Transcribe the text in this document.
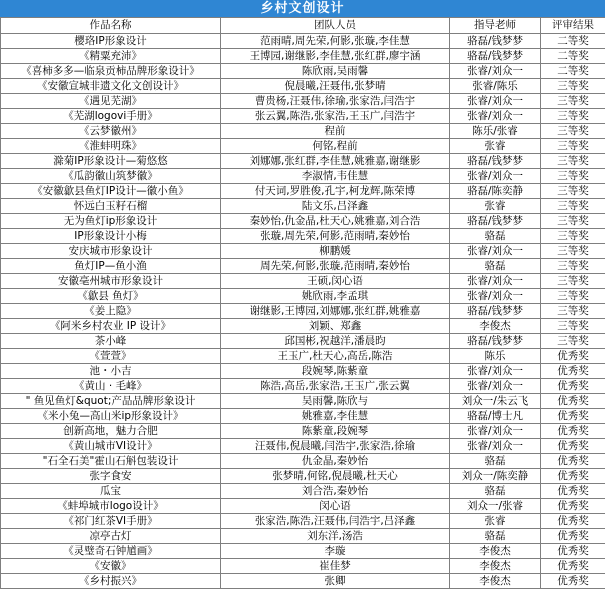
乡村文创设计
作品名称	团队人员	指导老师	评审结果
樱珞IP形象设计	范雨晴,周先荣,何影,张璇,李佳慧	骆磊/钱梦梦	二等奖
《精粟充沛》	王博园,谢继影,李佳慧,张红群,廖宇涵	骆磊/钱梦梦	二等奖
《喜柿多多—临泉贡柿品牌形象设计》	陈欣雨,吴雨馨	张睿/刘众一	二等奖
《安徽宣城非遗文化文创设计》	倪晨曦,汪聂伟,张梦晴	张睿/陈乐	三等奖
《遇见芜湖》	曹贵杨,汪聂伟,徐瑜,张家浩,闫浩宇	张睿/刘众一	三等奖
《芜湖logovi手册》	张云翼,陈浩,张家浩,王玉广,闫浩宇	张睿/刘众一	三等奖
《云梦徽州》	程前	陈乐/张睿	三等奖
《淮蚌明珠》	何铭,程前	张睿	三等奖
滁菊IP形象设计—菊悠悠	刘娜娜,张红群,李佳慧,姚雅嘉,谢继影	骆磊/钱梦梦	三等奖
《瓜韵徽山筑梦徽》	李淑情,韦佳慧	张睿/刘众一	三等奖
《安徽歙县鱼灯IP设计—徽小鱼》	付天词,罗胜俊,孔宇,柯龙辉,陈荣博	骆磊/陈奕静	三等奖
怀远白玉籽石榴	陆文乐,吕泽鑫	张睿	三等奖
无为鱼灯ip形象设计	秦妙怡,仇金晶,杜天心,姚雅嘉,刘合浩	骆磊/钱梦梦	三等奖
IP形象设计小梅	张璇,周先荣,何影,范雨晴,秦妙怡	骆磊	三等奖
安庆城市形象设计	柳鹏媛	张睿/刘众一	三等奖
鱼灯IP—鱼小渔	周先荣,何影,张璇,范雨晴,秦妙怡	骆磊	三等奖
安徽亳州城市形象设计	王硕,闵心语	张睿/刘众一	三等奖
《歙县 鱼灯》	姚欣雨,李孟琪	张睿/刘众一	三等奖
《姜上隐》	谢继影,王博园,刘娜娜,张红群,姚雅嘉	骆磊/钱梦梦	三等奖
《阿米乡村农业 IP 设计》	刘颖、郑鑫	李俊杰	三等奖
茶小峰	邱国彬,祝越洋,潘晨昀	骆磊/钱梦梦	三等奖
《萱萱》	王玉广,杜天心,高岳,陈浩	陈乐	优秀奖
池・小吉	段婉琴,陈紫童	张睿/刘众一	优秀奖
《黄山 · 毛峰》	陈浩,高岳,张家浩,王玉广,张云翼	张睿/刘众一	优秀奖
" 鱼见鱼灯&quot;产品品牌形象设计	吴雨馨,陈欣与	刘众一/朱云飞	优秀奖
《米小兔—高山米ip形象设计》	姚雅嘉,李佳慧	骆磊/博士凡	优秀奖
创新高地，魅力合肥	陈紫童,段婉琴	张睿/刘众一	优秀奖
《黄山城市VI设计》	汪聂伟,倪晨曦,闫浩宇,张家浩,徐瑜	张睿/刘众一	优秀奖
"石全石美"霍山石斛包装设计	仇金晶,秦妙怡	骆磊	优秀奖
张字食安	张梦晴,何铭,倪晨曦,杜天心	刘众一/陈奕静	优秀奖
瓜宝	刘合浩,秦妙怡	骆磊	优秀奖
《蚌埠城市logo设计》	闵心语	刘众一/张睿	优秀奖
《祁门红茶VI手册》	张家浩,陈浩,汪聂伟,闫浩宇,吕泽鑫	张睿	优秀奖
凉亭古灯	刘东洋,汤浩	骆磊	优秀奖
《灵璧奇石钟馗画》	李璇	李俊杰	优秀奖
《安徽》	崔佳梦	李俊杰	优秀奖
《乡村振兴》	张卿	李俊杰	优秀奖
